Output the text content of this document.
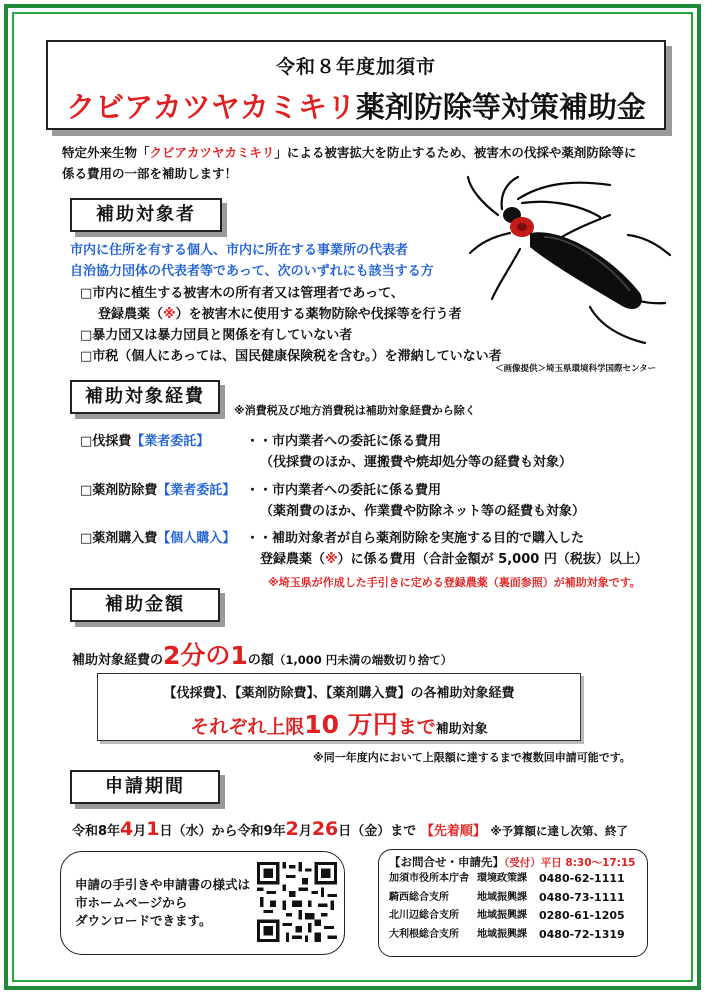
令和８年度加須市
クビアカツヤカミキリ薬剤防除等対策補助金
特定外来生物「クビアカツヤカミキリ」による被害拡大を防止するため、被害木の伐採や薬剤防除等に
係る費用の一部を補助します！
補助対象者
市内に住所を有する個人、市内に所在する事業所の代表者
自治協力団体の代表者等であって、次のいずれにも該当する方
□市内に植生する被害木の所有者又は管理者であって、
登録農薬（※）を被害木に使用する薬物防除や伐採等を行う者
□暴力団又は暴力団員と関係を有していない者
□市税（個人にあっては、国民健康保険税を含む。）を滞納していない者
＜画像提供＞埼玉県環境科学国際センター
補助対象経費
※消費税及び地方消費税は補助対象経費から除く
□伐採費【業者委託】	・・市内業者への委託に係る費用
（伐採費のほか、運搬費や焼却処分等の経費も対象）
□薬剤防除費【業者委託】 ・・市内業者への委託に係る費用
（薬剤費のほか、作業費や防除ネット等の経費も対象）
□薬剤購入費【個人購入】 ・・補助対象者が自ら薬剤防除を実施する目的で購入した
登録農薬（※）に係る費用（合計金額が 5,000 円（税抜）以上）
※埼玉県が作成した手引きに定める登録農薬（裏面参照）が補助対象です。
補助金額
補助対象経費の2分の1の額（1,000 円未満の端数切り捨て）
【伐採費】、【薬剤防除費】、【薬剤購入費】の各補助対象経費
それぞれ上限10 万円まで補助対象
※同一年度内において上限額に達するまで複数回申請可能です。
申請期間
令和8年4月1日（水）から令和9年2月26日（金）まで 【先着順】 ※予算額に達し次第、終了
申請の手引きや申請書の様式は
市ホームページから
ダウンロードできます。
【お問合せ・申請先】（受付）平日 8:30～17:15
加須市役所本庁舎 環境政策課	0480-62-1111
騎西総合支所	地域振興課	0480-73-1111
北川辺総合支所	地域振興課	0280-61-1205
大利根総合支所	地域振興課	0480-72-1319
